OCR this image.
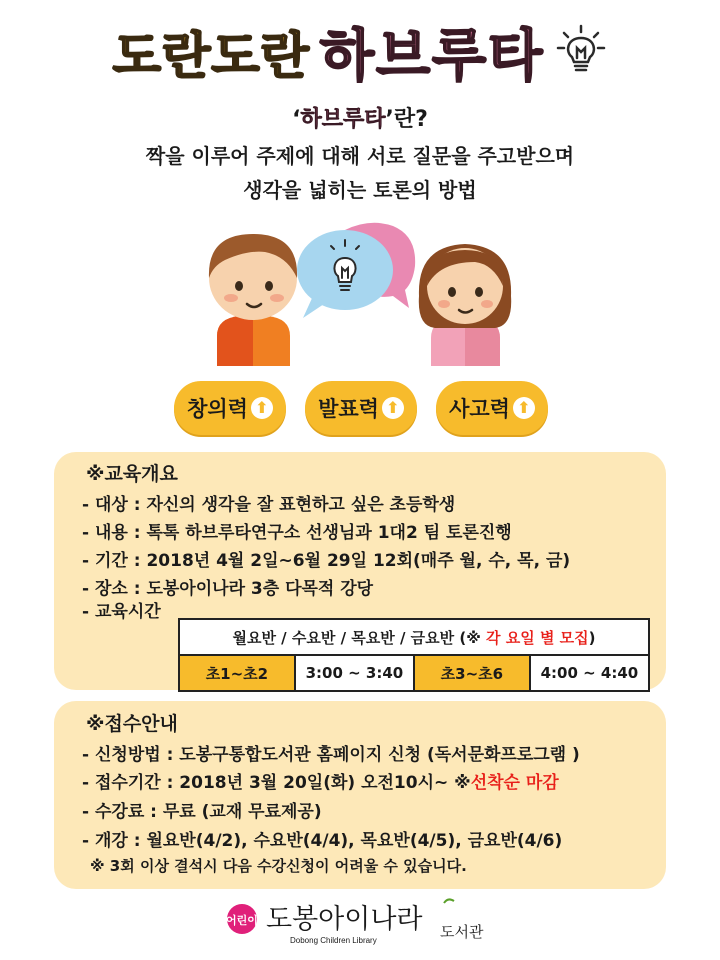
도란도란 하브루타
‘하브루타’란?
짝을 이루어 주제에 대해 서로 질문을 주고받으며
생각을 넓히는 토론의 방법
창의력 ⬆ 발표력 ⬆ 사고력 ⬆
※교육개요
- 대상 : 자신의 생각을 잘 표현하고 싶은 초등학생
- 내용 : 톡톡 하브루타연구소 선생님과 1대2 팀 토론진행
- 기간 : 2018년 4월 2일~6월 29일 12회(매주 월, 수, 목, 금)
- 장소 : 도봉아이나라 3층 다목적 강당
- 교육시간
월요반 / 수요반 / 목요반 / 금요반 (※ 각 요일 별 모집)
초1~초2	3:00 ~ 3:40	초3~초6	4:00 ~ 4:40
※접수안내
- 신청방법 : 도봉구통합도서관 홈페이지 신청 (독서문화프로그램 )
- 접수기간 : 2018년 3월 20일(화) 오전10시~ ※선착순 마감
- 수강료 : 무료 (교재 무료제공)
- 개강 : 월요반(4/2), 수요반(4/4), 목요반(4/5), 금요반(4/6)
※ 3회 이상 결석시 다음 수강신청이 어려울 수 있습니다.
어린이 도봉아이나라
Dobong Children Library	도서관
